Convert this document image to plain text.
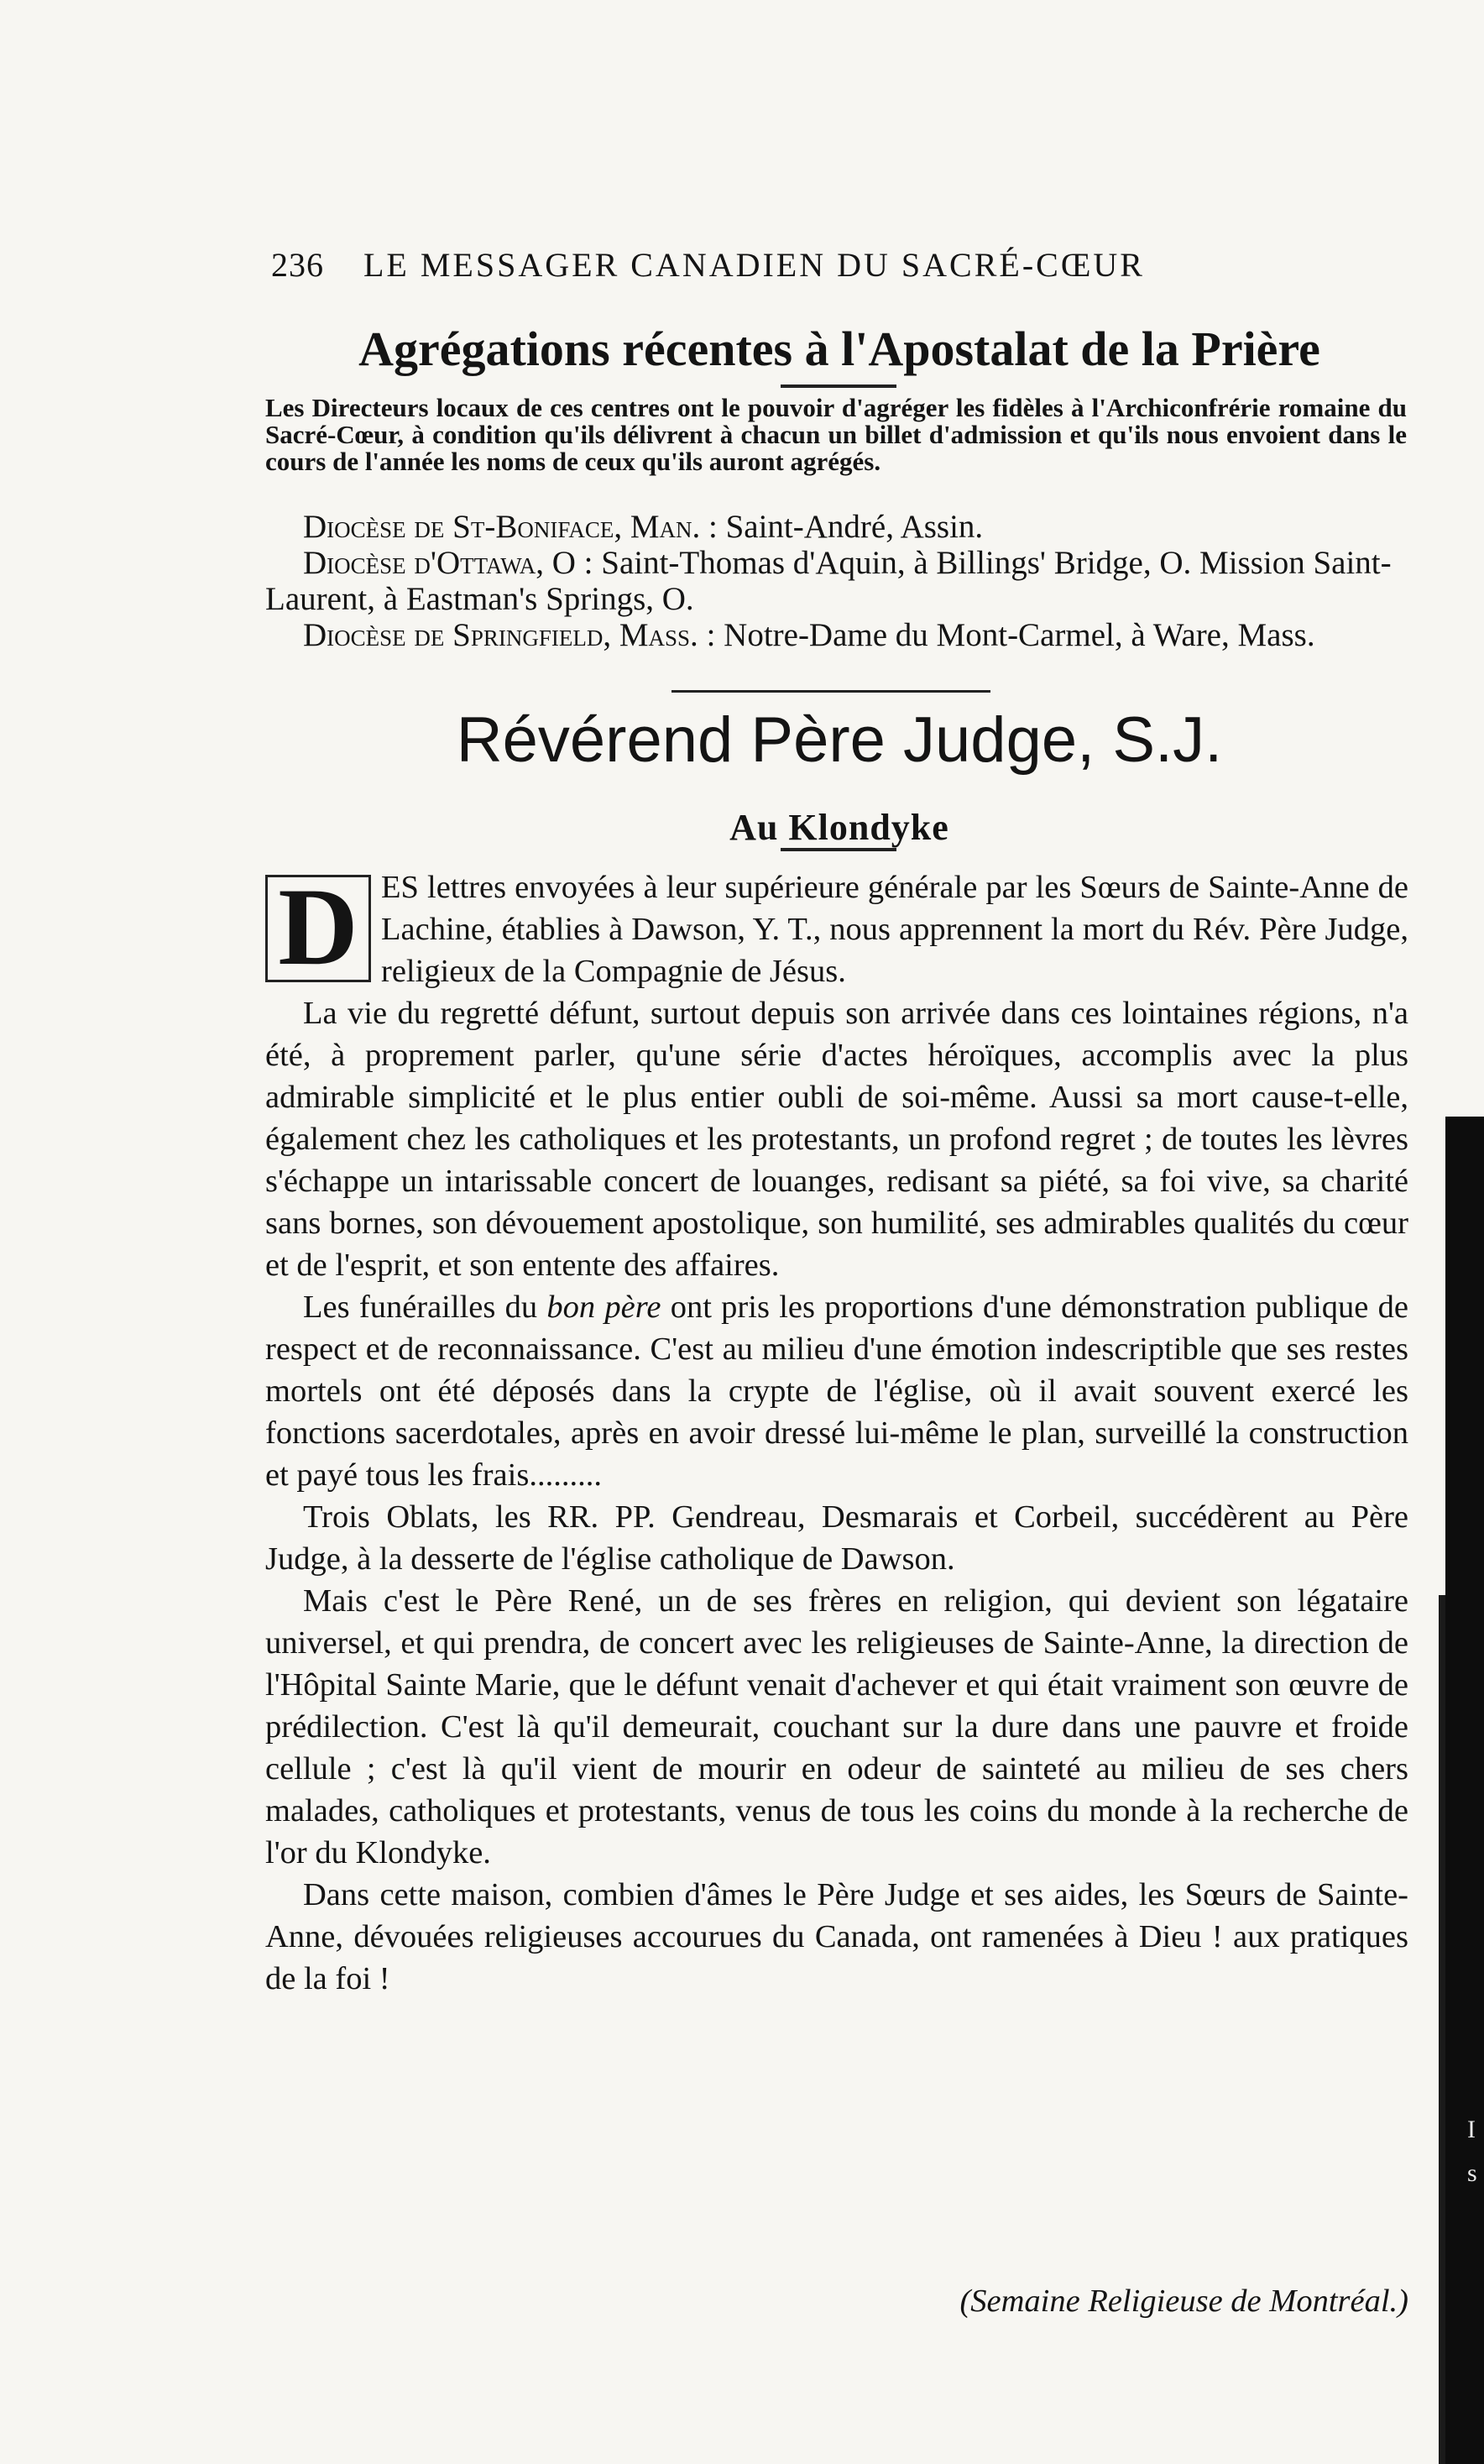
236 LE MESSAGER CANADIEN DU SACRÉ-CŒUR
Agrégations récentes à l'Apostalat de la Prière
Les Directeurs locaux de ces centres ont le pouvoir d'agréger les fidèles à l'Archiconfrérie romaine du Sacré-Cœur, à condition qu'ils délivrent à chacun un billet d'admission et qu'ils nous envoient dans le cours de l'année les noms de ceux qu'ils auront agrégés.

Diocèse de St-Boniface, Man. : Saint-André, Assin.

Diocèse d'Ottawa, O : Saint-Thomas d'Aquin, à Billings' Bridge, O. Mission Saint-Laurent, à Eastman's Springs, O.

Diocèse de Springfield, Mass. : Notre-Dame du Mont-Carmel, à Ware, Mass.

Révérend Père Judge, S.J.
Au Klondyke

D ES lettres envoyées à leur supérieure générale par les Sœurs de Sainte-Anne de Lachine, établies à Dawson, Y. T., nous apprennent la mort du Rév. Père Judge, religieux de la Compagnie de Jésus.

La vie du regretté défunt, surtout depuis son arrivée dans ces lointaines régions, n'a été, à proprement parler, qu'une série d'actes héroïques, accomplis avec la plus admirable simplicité et le plus entier oubli de soi-même. Aussi sa mort cause-t-elle, également chez les catholiques et les protestants, un profond regret ; de toutes les lèvres s'échappe un intarissable concert de louanges, redisant sa piété, sa foi vive, sa charité sans bornes, son dévouement apostolique, son humilité, ses admirables qualités du cœur et de l'esprit, et son entente des affaires.

Les funérailles du bon père ont pris les proportions d'une démonstration publique de respect et de reconnaissance. C'est au milieu d'une émotion indescriptible que ses restes mortels ont été déposés dans la crypte de l'église, où il avait souvent exercé les fonctions sacerdotales, après en avoir dressé lui-même le plan, surveillé la construction et payé tous les frais.........

Trois Oblats, les RR. PP. Gendreau, Desmarais et Corbeil, succédèrent au Père Judge, à la desserte de l'église catholique de Dawson.

Mais c'est le Père René, un de ses frères en religion, qui devient son légataire universel, et qui prendra, de concert avec les religieuses de Sainte-Anne, la direction de l'Hôpital Sainte Marie, que le défunt venait d'achever et qui était vraiment son œuvre de prédilection. C'est là qu'il demeurait, couchant sur la dure dans une pauvre et froide cellule ; c'est là qu'il vient de mourir en odeur de sainteté au milieu de ses chers malades, catholiques et protestants, venus de tous les coins du monde à la recherche de l'or du Klondyke.

Dans cette maison, combien d'âmes le Père Judge et ses aides, les Sœurs de Sainte-Anne, dévouées religieuses accourues du Canada, ont ramenées à Dieu ! aux pratiques de la foi !

(Semaine Religieuse de Montréal.)
I
s
